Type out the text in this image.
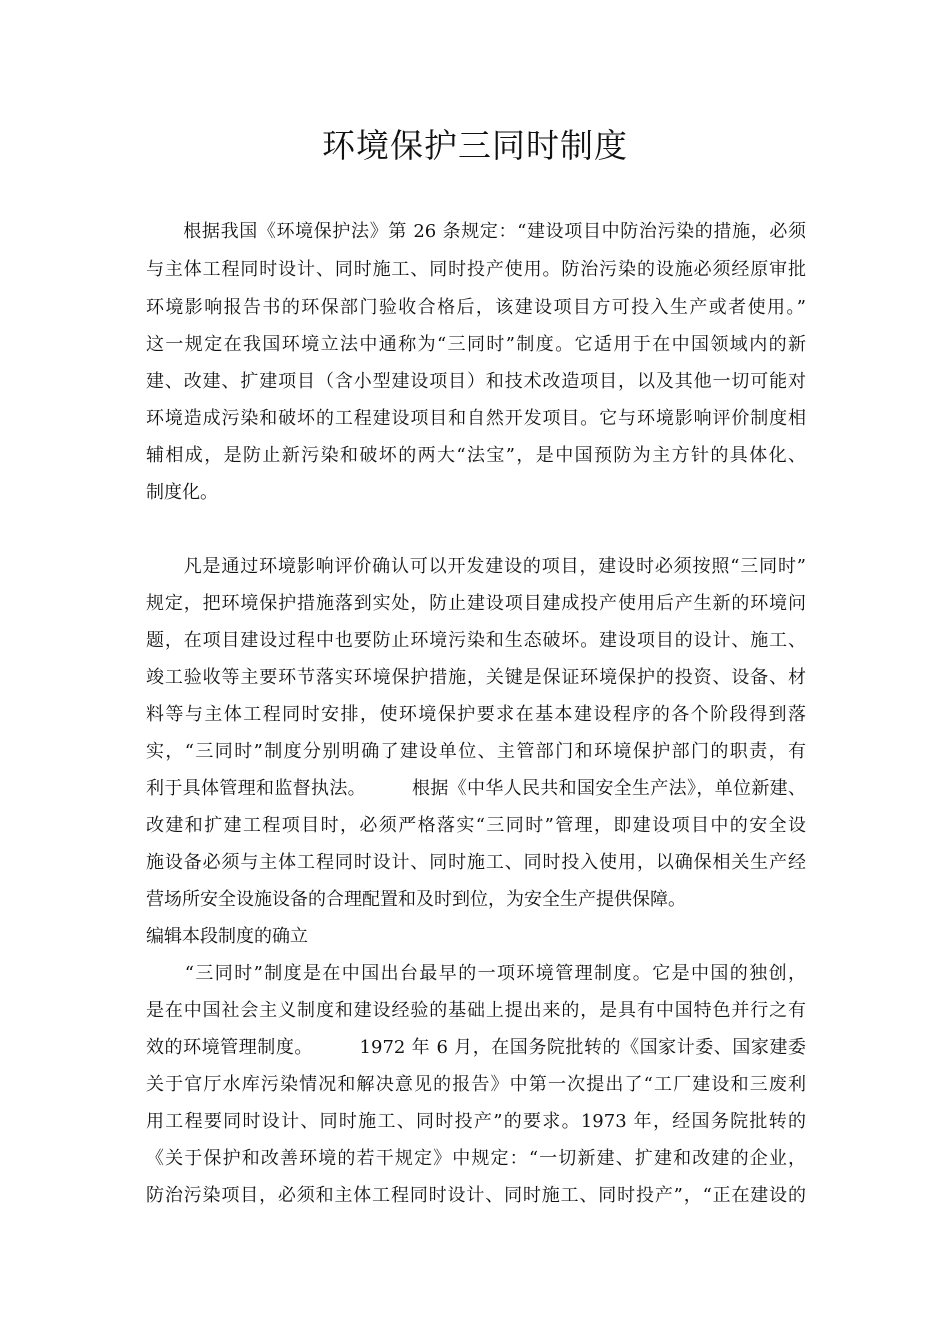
环境保护三同时制度
　　根据我国《环境保护法》第 26 条规定：“建设项目中防治污染的措施，必须
与主体工程同时设计、同时施工、同时投产使用。防治污染的设施必须经原审批
环境影响报告书的环保部门验收合格后，该建设项目方可投入生产或者使用。”
这一规定在我国环境立法中通称为“三同时”制度。它适用于在中国领域内的新
建、改建、扩建项目（含小型建设项目）和技术改造项目，以及其他一切可能对
环境造成污染和破坏的工程建设项目和自然开发项目。它与环境影响评价制度相
辅相成，是防止新污染和破坏的两大“法宝”，是中国预防为主方针的具体化、
制度化。
　　凡是通过环境影响评价确认可以开发建设的项目，建设时必须按照“三同时”
规定，把环境保护措施落到实处，防止建设项目建成投产使用后产生新的环境问
题，在项目建设过程中也要防止环境污染和生态破坏。建设项目的设计、施工、
竣工验收等主要环节落实环境保护措施，关键是保证环境保护的投资、设备、材
料等与主体工程同时安排，使环境保护要求在基本建设程序的各个阶段得到落
实，“三同时”制度分别明确了建设单位、主管部门和环境保护部门的职责，有
利于具体管理和监督执法。　　　根据《中华人民共和国安全生产法》，单位新建、
改建和扩建工程项目时，必须严格落实“三同时”管理，即建设项目中的安全设
施设备必须与主体工程同时设计、同时施工、同时投入使用，以确保相关生产经
营场所安全设施设备的合理配置和及时到位，为安全生产提供保障。
编辑本段制度的确立
　　“三同时”制度是在中国出台最早的一项环境管理制度。它是中国的独创，
是在中国社会主义制度和建设经验的基础上提出来的，是具有中国特色并行之有
效的环境管理制度。　　　1972 年 6 月，在国务院批转的《国家计委、国家建委
关于官厅水库污染情况和解决意见的报告》中第一次提出了“工厂建设和三废利
用工程要同时设计、同时施工、同时投产”的要求。1973 年，经国务院批转的
《关于保护和改善环境的若干规定》中规定：“一切新建、扩建和改建的企业，
防治污染项目，必须和主体工程同时设计、同时施工、同时投产”，“正在建设的
